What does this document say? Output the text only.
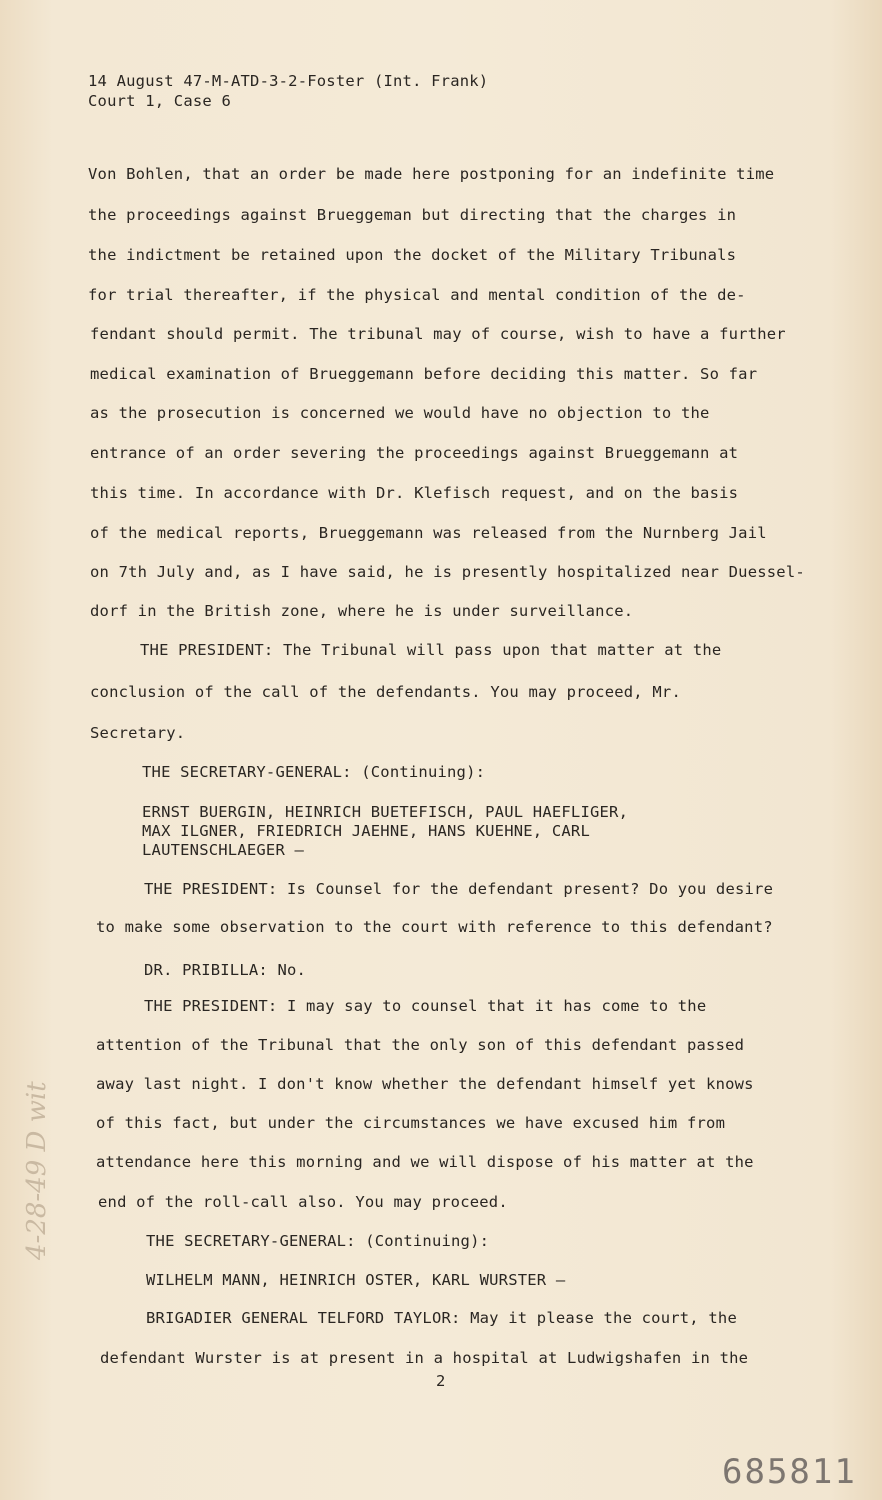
14 August 47-M-ATD-3-2-Foster (Int. Frank)
Court 1, Case 6
Von Bohlen, that an order be made here postponing for an indefinite time
the proceedings against Brueggeman but directing that the charges in
the indictment be retained upon the docket of the Military Tribunals
for trial thereafter, if the physical and mental condition of the de-
fendant should permit. The tribunal may of course, wish to have a further
medical examination of Brueggemann before deciding this matter. So far
as the prosecution is concerned we would have no objection to the
entrance of an order severing the proceedings against Brueggemann at
this time. In accordance with Dr. Klefisch request, and on the basis
of the medical reports, Brueggemann was released from the Nurnberg Jail
on 7th July and, as I have said, he is presently hospitalized near Duessel-
dorf in the British zone, where he is under surveillance.
THE PRESIDENT: The Tribunal will pass upon that matter at the
conclusion of the call of the defendants. You may proceed, Mr.
Secretary.
THE SECRETARY-GENERAL: (Continuing):
ERNST BUERGIN, HEINRICH BUETEFISCH, PAUL HAEFLIGER,
MAX ILGNER, FRIEDRICH JAEHNE, HANS KUEHNE, CARL
LAUTENSCHLAEGER —
THE PRESIDENT: Is Counsel for the defendant present? Do you desire
to make some observation to the court with reference to this defendant?
DR. PRIBILLA: No.
THE PRESIDENT: I may say to counsel that it has come to the
attention of the Tribunal that the only son of this defendant passed
away last night. I don't know whether the defendant himself yet knows
of this fact, but under the circumstances we have excused him from
attendance here this morning and we will dispose of his matter at the
end of the roll-call also. You may proceed.
THE SECRETARY-GENERAL: (Continuing):
WILHELM MANN, HEINRICH OSTER, KARL WURSTER —
BRIGADIER GENERAL TELFORD TAYLOR: May it please the court, the
defendant Wurster is at present in a hospital at Ludwigshafen in the
2
4-28-49 D wit
685811
